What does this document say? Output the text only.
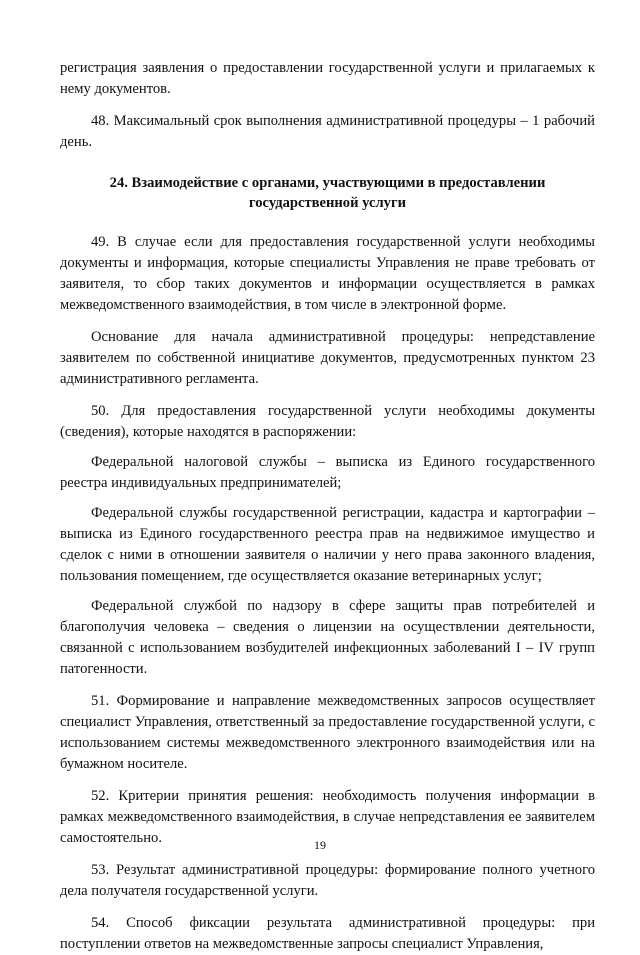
регистрация заявления о предоставлении государственной услуги и прилагаемых к нему документов.

48. Максимальный срок выполнения административной процедуры – 1 рабочий день.

24. Взаимодействие с органами, участвующими в предоставлении государственной услуги

49. В случае если для предоставления государственной услуги необходимы документы и информация, которые специалисты Управления не праве требовать от заявителя, то сбор таких документов и информации осуществляется в рамках межведомственного взаимодействия, в том числе в электронной форме.

Основание для начала административной процедуры: непредставление заявителем по собственной инициативе документов, предусмотренных пунктом 23 административного регламента.

50. Для предоставления государственной услуги необходимы документы (сведения), которые находятся в распоряжении:

Федеральной налоговой службы – выписка из Единого государственного реестра индивидуальных предпринимателей;

Федеральной службы государственной регистрации, кадастра и картографии – выписка из Единого государственного реестра прав на недвижимое имущество и сделок с ними в отношении заявителя о наличии у него права законного владения, пользования помещением, где осуществляется оказание ветеринарных услуг;

Федеральной службой по надзору в сфере защиты прав потребителей и благополучия человека – сведения о лицензии на осуществлении деятельности, связанной с использованием возбудителей инфекционных заболеваний I – IV групп патогенности.

51. Формирование и направление межведомственных запросов осуществляет специалист Управления, ответственный за предоставление государственной услуги, с использованием системы межведомственного электронного взаимодействия или на бумажном носителе.

52. Критерии принятия решения: необходимость получения информации в рамках межведомственного взаимодействия, в случае непредставления ее заявителем самостоятельно.

53. Результат административной процедуры: формирование полного учетного дела получателя государственной услуги.

54. Способ фиксации результата административной процедуры: при поступлении ответов на межведомственные запросы специалист Управления,

19
